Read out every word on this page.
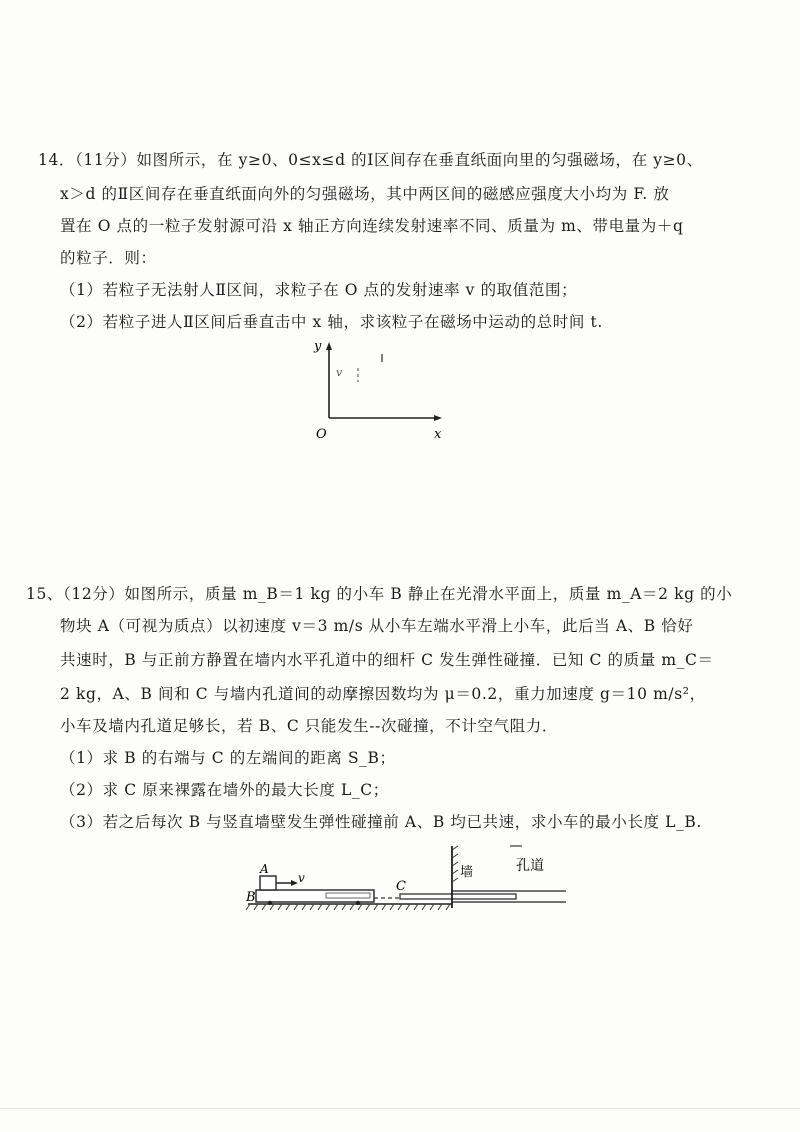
14．（11分）如图所示，在 y≥0、0≤x≤d 的Ⅰ区间存在垂直纸面向里的匀强磁场，在 y≥0、
x＞d 的Ⅱ区间存在垂直纸面向外的匀强磁场，其中两区间的磁感应强度大小均为 F. 放
置在 O 点的一粒子发射源可沿 x 轴正方向连续发射速率不同、质量为 m、带电量为＋q
的粒子．则：
（1）若粒子无法射人Ⅱ区间，求粒子在 O 点的发射速率 v 的取值范围；
（2）若粒子进人Ⅱ区间后垂直击中 x 轴，求该粒子在磁场中运动的总时间 t.
y
x
O
v
15、（12分）如图所示，质量 m_B＝1 kg 的小车 B 静止在光滑水平面上，质量 m_A＝2 kg 的小
物块 A（可视为质点）以初速度 v＝3 m/s 从小车左端水平滑上小车，此后当 A、B 恰好
共速时，B 与正前方静置在墙内水平孔道中的细杆 C 发生弹性碰撞．已知 C 的质量 m_C＝
2 kg，A、B 间和 C 与墙内孔道间的动摩擦因数均为 μ＝0.2，重力加速度 g＝10 m/s²，
小车及墙内孔道足够长，若 B、C 只能发生--次碰撞，不计空气阻力．
（1）求 B 的右端与 C 的左端间的距离 S_B；
（2）求 C 原来裸露在墙外的最大长度 L_C；
（3）若之后每次 B 与竖直墙壁发生弹性碰撞前 A、B 均已共速，求小车的最小长度 L_B.
B
A
v
C
墙	孔道
